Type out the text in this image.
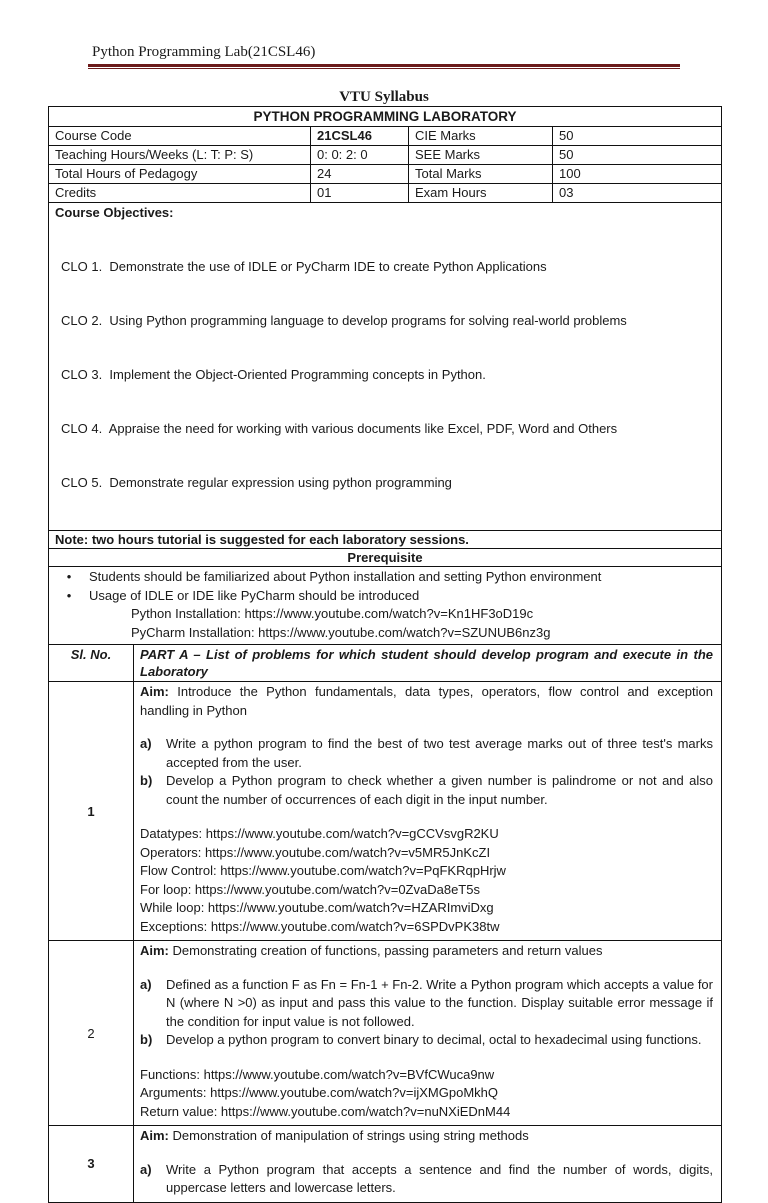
Python Programming Lab(21CSL46)
VTU Syllabus
PYTHON PROGRAMMING LABORATORY
Course Code	21CSL46	CIE Marks	50
Teaching Hours/Weeks (L: T: P: S)	0: 0: 2: 0	SEE Marks	50
Total Hours of Pedagogy	24	Total Marks	100
Credits	01	Exam Hours	03
Course Objectives:

CLO 1.  Demonstrate the use of IDLE or PyCharm IDE to create Python Applications

CLO 2.  Using Python programming language to develop programs for solving real-world problems

CLO 3.  Implement the Object-Oriented Programming concepts in Python.

CLO 4.  Appraise the need for working with various documents like Excel, PDF, Word and Others

CLO 5.  Demonstrate regular expression using python programming

Note: two hours tutorial is suggested for each laboratory sessions.
Prerequisite
•	Students should be familiarized about Python installation and setting Python environment
•	Usage of IDLE or IDE like PyCharm should be introduced
Python Installation: https://www.youtube.com/watch?v=Kn1HF3oD19c
PyCharm Installation: https://www.youtube.com/watch?v=SZUNUB6nz3g
Sl. No.	PART A – List of problems for which student should develop program and execute in the Laboratory
1
Aim: Introduce the Python fundamentals, data types, operators, flow control and exception handling in Python
a)	Write a python program to find the best of two test average marks out of three test's marks accepted from the user.
b)	Develop a Python program to check whether a given number is palindrome or not and also count the number of occurrences of each digit in the input number.
Datatypes: https://www.youtube.com/watch?v=gCCVsvgR2KU
Operators: https://www.youtube.com/watch?v=v5MR5JnKcZI
Flow Control: https://www.youtube.com/watch?v=PqFKRqpHrjw
For loop: https://www.youtube.com/watch?v=0ZvaDa8eT5s
While loop: https://www.youtube.com/watch?v=HZARImviDxg
Exceptions: https://www.youtube.com/watch?v=6SPDvPK38tw
2
Aim: Demonstrating creation of functions, passing parameters and return values
a)	Defined as a function F as Fn = Fn-1 + Fn-2. Write a Python program which accepts a value for N (where N >0) as input and pass this value to the function. Display suitable error message if the condition for input value is not followed.
b)	Develop a python program to convert binary to decimal, octal to hexadecimal using functions.
Functions: https://www.youtube.com/watch?v=BVfCWuca9nw
Arguments: https://www.youtube.com/watch?v=ijXMGpoMkhQ
Return value: https://www.youtube.com/watch?v=nuNXiEDnM44
3
Aim: Demonstration of manipulation of strings using string methods
a)	Write a Python program that accepts a sentence and find the number of words, digits, uppercase letters and lowercase letters.
